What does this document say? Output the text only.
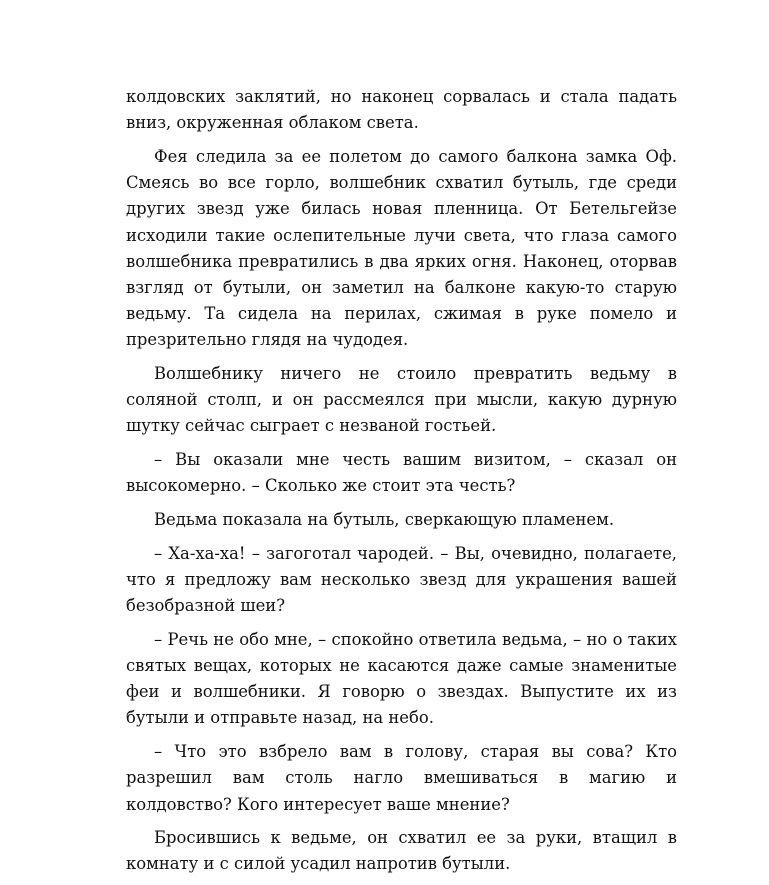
колдовских заклятий, но наконец сорвалась и стала падать вниз, окруженная облаком света.

Фея следила за ее полетом до самого балкона замка Оф. Смеясь во все горло, волшебник схватил бутыль, где среди других звезд уже билась новая пленница. От Бетельгейзе исходили такие ослепительные лучи света, что глаза самого волшебника превратились в два ярких огня. Наконец, оторвав взгляд от бутыли, он заметил на балконе какую-то старую ведьму. Та сидела на перилах, сжимая в руке помело и презрительно глядя на чудодея.

Волшебнику ничего не стоило превратить ведьму в соляной столп, и он рассмеялся при мысли, какую дурную шутку сейчас сыграет с незваной гостьей.

– Вы оказали мне честь вашим визитом, – сказал он высокомерно. – Сколько же стоит эта честь?

Ведьма показала на бутыль, сверкающую пламенем.

– Ха-ха-ха! – загоготал чародей. – Вы, очевидно, полагаете, что я предложу вам несколько звезд для украшения вашей безобразной шеи?

– Речь не обо мне, – спокойно ответила ведьма, – но о таких святых вещах, которых не касаются даже самые знаменитые феи и волшебники. Я говорю о звездах. Выпустите их из бутыли и отправьте назад, на небо.

– Что это взбрело вам в голову, старая вы сова? Кто разрешил вам столь нагло вмешиваться в магию и колдовство? Кого интересует ваше мнение?

Бросившись к ведьме, он схватил ее за руки, втащил в комнату и с силой усадил напротив бутыли.
